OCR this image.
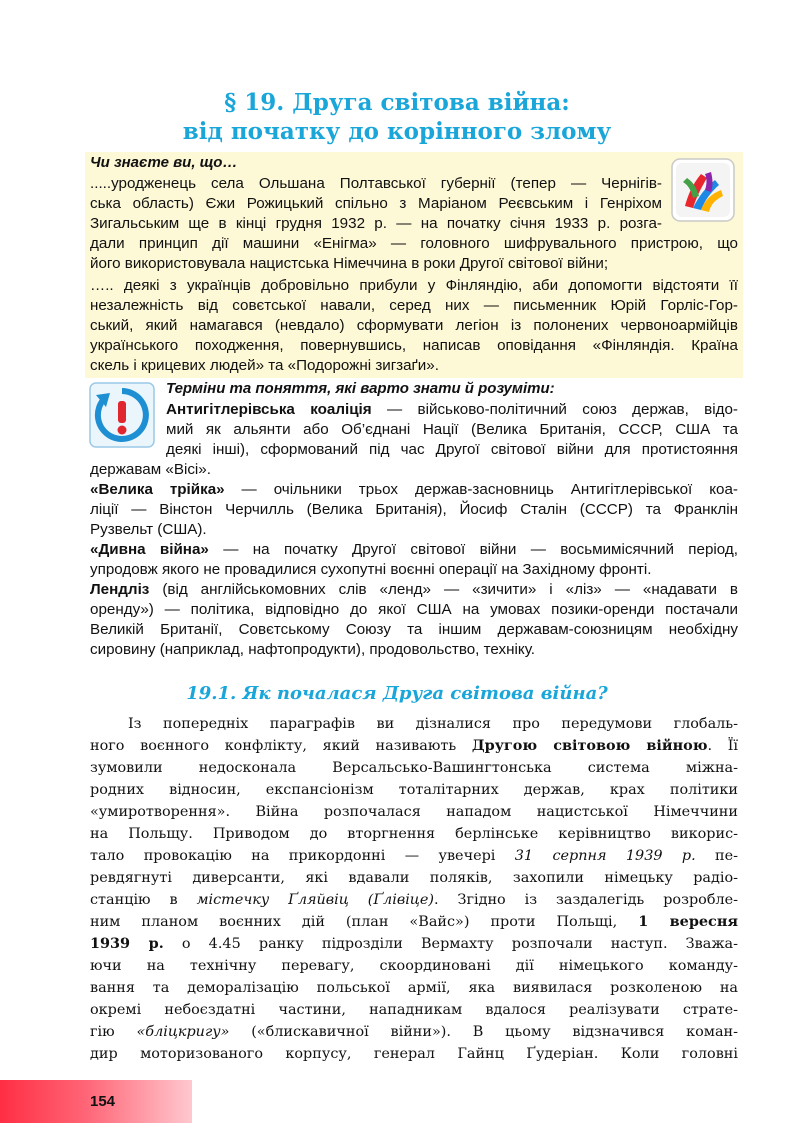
§ 19. Друга світова війна:
від початку до корінного злому
Чи знаєте ви, що…
.....уродженець села Ольшана Полтавської губернії (тепер — Чернігів-
ська область) Єжи Рожицький спільно з Маріаном Реєвським і Генріхом
Зигальським ще в кінці грудня 1932 р. — на початку січня 1933 р. розга-
дали принцип дії машини «Енігма» — головного шифрувального пристрою, що
його використовувала нацистська Німеччина в роки Другої світової війни;
….. деякі з українців добровільно прибули у Фінляндію, аби допомогти відстояти її
незалежність від совєтської навали, серед них — письменник Юрій Горліс-Гор-
ський, який намагався (невдало) сформувати легіон із полонених червоноармійців
українського походження, повернувшись, написав оповідання «Фінляндія. Країна
скель і крицевих людей» та «Подорожні зигзаґи».
Терміни та поняття, які варто знати й розуміти:
Антигітлерівська коаліція — військово-політичний союз держав, відо-
мий як альянти або Об’єднані Нації (Велика Британія, СССР, США та
деякі інші), сформований під час Другої світової війни для протистояння
державам «Вісі».
«Велика трійка» — очільники трьох держав-засновниць Антигітлерівської коа-
ліції — Вінстон Черчилль (Велика Британія), Йосиф Сталін (СССР) та Франклін
Рузвельт (США).
«Дивна війна» — на початку Другої світової війни — восьмимісячний період,
упродовж якого не провадилися сухопутні воєнні операції на Західному фронті.
Лендліз (від англійськомовних слів «ленд» — «зичити» і «ліз» — «надавати в
оренду») — політика, відповідно до якої США на умовах позики-оренди постачали
Великій Британії, Совєтському Союзу та іншим державам-союзницям необхідну
сировину (наприклад, нафтопродукти), продовольство, техніку.
19.1. Як почалася Друга світова війна?
Із попередніх параграфів ви дізналися про передумови глобаль-
ного воєнного конфлікту, який називають Другою світовою війною. Її
зумовили недосконала Версальсько-Вашингтонська система міжна-
родних відносин, експансіонізм тоталітарних держав, крах політики
«умиротворення». Війна розпочалася нападом нацистської Німеччини
на Польщу. Приводом до вторгнення берлінське керівництво викорис-
тало провокацію на прикордонні — увечері 31 серпня 1939 р. пе-
ревдягнуті диверсанти, які вдавали поляків, захопили німецьку радіо-
станцію в містечку Ґляйвіц (Ґлівіце). Згідно із заздалегідь розробле-
ним планом воєнних дій (план «Вайс») проти Польщі, 1 вересня
1939 р. о 4.45 ранку підрозділи Вермахту розпочали наступ. Зважа-
ючи на технічну перевагу, скоординовані дії німецького команду-
вання та деморалізацію польської армії, яка виявилася розколеною на
окремі небоєздатні частини, нападникам вдалося реалізувати страте-
гію «бліцкригу» («блискавичної війни»). В цьому відзначився коман-
дир моторизованого корпусу, генерал Гайнц Ґудеріан. Коли головні
154
